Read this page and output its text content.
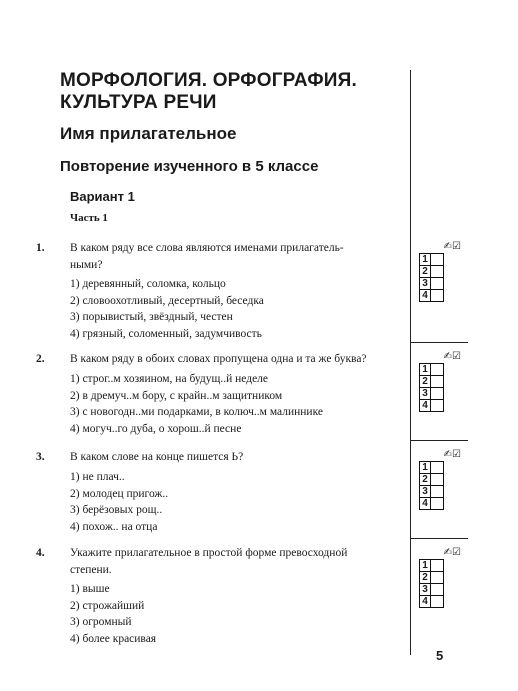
МОРФОЛОГИЯ. ОРФОГРАФИЯ. КУЛЬТУРА РЕЧИ
Имя прилагательное
Повторение изученного в 5 классе
Вариант 1
Часть 1
1. В каком ряду все слова являются именами прилагатель-
ными?
1) деревянный, соломка, кольцо
2) словоохотливый, десертный, беседка
3) порывистый, звёздный, честен
4) грязный, соломенный, задумчивость
2. В каком ряду в обоих словах пропущена одна и та же буква?
1) строг..м хозяином, на будущ..й неделе
2) в дремуч..м бору, с крайн..м защитником
3) с новогодн..ми подарками, в колюч..м малиннике
4) могуч..го дуба, о хорош..й песне
3. В каком слове на конце пишется Ь?
1) не плач..
2) молодец пригож..
3) берёзовых рощ..
4) похож.. на отца
4. Укажите прилагательное в простой форме превосходной
степени.
1) выше
2) строжайший
3) огромный
4) более красивая
✍☑
1
2
3
4
✍☑
1
2
3
4
✍☑
1
2
3
4
✍☑
1
2
3
4
5
